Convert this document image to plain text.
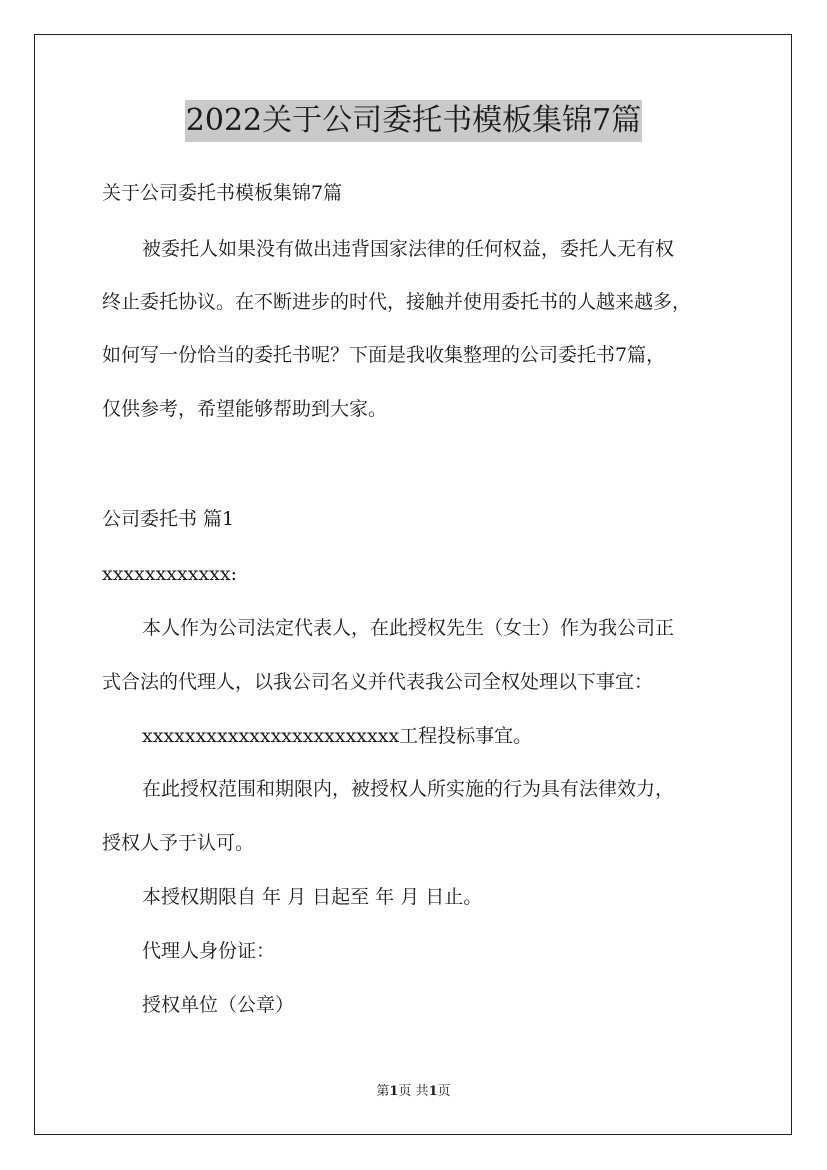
2022关于公司委托书模板集锦7篇
关于公司委托书模板集锦7篇
被委托人如果没有做出违背国家法律的任何权益，委托人无有权
终止委托协议。在不断进步的时代，接触并使用委托书的人越来越多，
如何写一份恰当的委托书呢？下面是我收集整理的公司委托书7篇，
仅供参考，希望能够帮助到大家。
公司委托书 篇1
xxxxxxxxxxxx:
本人作为公司法定代表人，在此授权先生（女士）作为我公司正
式合法的代理人，以我公司名义并代表我公司全权处理以下事宜：
xxxxxxxxxxxxxxxxxxxxxxxx工程投标事宜。
在此授权范围和期限内，被授权人所实施的行为具有法律效力，
授权人予于认可。
本授权期限自 年 月 日起至 年 月 日止。
代理人身份证：
授权单位（公章）
第1页 共1页
